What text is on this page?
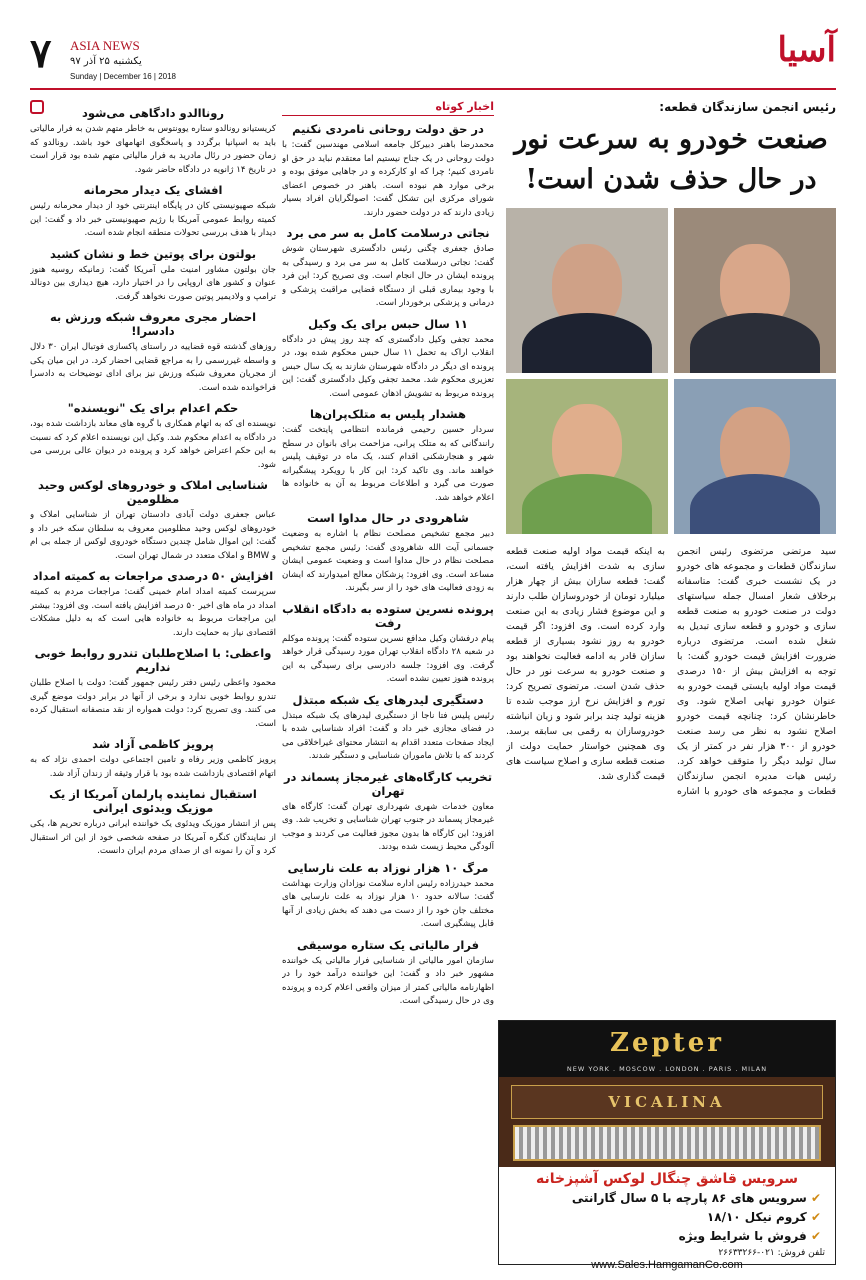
۷ ASIA NEWS
یکشنبه ۲۵ آذر ۹۷
Sunday | December 16 | 2018
آسیا
رئیس انجمن سازندگان قطعه:
صنعت خودرو به سرعت نور در حال حذف شدن است!
سید مرتضی مرتضوی رئیس انجمن سازندگان قطعات و مجموعه های خودرو در یک نشست خبری گفت: متاسفانه برخلاف شعار امسال جمله سیاستهای دولت در صنعت خودرو به صنعت قطعه سازی و خودرو و قطعه سازی تبدیل به شغل شده است. مرتضوی درباره ضرورت افزایش قیمت خودرو گفت: با توجه به افزایش بیش از ۱۵۰ درصدی قیمت مواد اولیه بایستی قیمت خودرو به عنوان خودرو نهایی اصلاح شود. وی خاطرنشان کرد: چنانچه قیمت خودرو اصلاح نشود به نظر می رسد صنعت خودرو از ۳۰۰ هزار نفر در کمتر از یک سال تولید دیگر را متوقف خواهد کرد. رئیس هیات مدیره انجمن سازندگان قطعات و مجموعه های خودرو با اشاره به اینکه قیمت مواد اولیه صنعت قطعه سازی به شدت افزایش یافته است، گفت: قطعه سازان بیش از چهار هزار میلیارد تومان از خودروسازان طلب دارند و این موضوع فشار زیادی به این صنعت وارد کرده است. وی افزود: اگر قیمت خودرو به روز نشود بسیاری از قطعه سازان قادر به ادامه فعالیت نخواهند بود و صنعت خودرو به سرعت نور در حال حذف شدن است. مرتضوی تصریح کرد: تورم و افزایش نرخ ارز موجب شده تا هزینه تولید چند برابر شود و زیان انباشته خودروسازان به رقمی بی سابقه برسد. وی همچنین خواستار حمایت دولت از صنعت قطعه سازی و اصلاح سیاست های قیمت گذاری شد.
Zepter
NEW YORK . MOSCOW . LONDON . PARIS . MILAN
VICALINA
سرویس قاشق چنگال لوکس آشپزخانه
✔ سرویس های ۸۶ پارچه با ۵ سال گارانتی
✔ کروم نیکل ۱۸/۱۰
✔ فروش با شرایط ویژه
تلفن فروش: ۰۲۱-۲۶۶۳۳۲۶۶
www.Sales.HamgamanCo.com
اخبار کوتاه
در حق دولت روحانی نامردی نکنیم

محمدرضا باهنر دبیرکل جامعه اسلامی مهندسین گفت: با دولت روحانی در یک جناح نیستیم اما معتقدم نباید در حق او نامردی کنیم؛ چرا که او کارکرده و در جاهایی موفق بوده و برخی موارد هم نبوده است. باهنر در خصوص اعضای شورای مرکزی این تشکل گفت: اصولگرایان افراد بسیار زیادی دارند که در دولت حضور دارند.

نجاتی درسلامت کامل به سر می برد

صادق جعفری چگنی رئیس دادگستری شهرستان شوش گفت: نجاتی درسلامت کامل به سر می برد و رسیدگی به پرونده ایشان در حال انجام است. وی تصریح کرد: این فرد با وجود بیماری قبلی از دستگاه قضایی مراقبت پزشکی و درمانی و پزشکی برخوردار است.

۱۱ سال حبس برای یک وکیل

محمد تجفی وکیل دادگستری که چند روز پیش در دادگاه انقلاب اراک به تحمل ۱۱ سال حبس محکوم شده بود، در پرونده ای دیگر در دادگاه شهرستان شازند به یک سال حبس تعزیری محکوم شد. محمد تجفی وکیل دادگستری گفت: این پرونده مربوط به تشویش اذهان عمومی است.

هشدار پلیس به متلک‌پران‌ها

سردار حسین رحیمی فرمانده انتظامی پایتخت گفت: رانندگانی که به متلک پرانی، مزاحمت برای بانوان در سطح شهر و هنجارشکنی اقدام کنند، یک ماه در توقیف پلیس خواهند ماند. وی تاکید کرد: این کار با رویکرد پیشگیرانه صورت می گیرد و اطلاعات مربوط به آن به خانواده ها اعلام خواهد شد.

شاهرودی در حال مداوا است

دبیر مجمع تشخیص مصلحت نظام با اشاره به وضعیت جسمانی آیت الله شاهرودی گفت: رئیس مجمع تشخیص مصلحت نظام در حال مداوا است و وضعیت عمومی ایشان مساعد است. وی افزود: پزشکان معالج امیدوارند که ایشان به زودی فعالیت های خود را از سر بگیرند.

پرونده نسرین ستوده به دادگاه انقلاب رفت

پیام درفشان وکیل مدافع نسرین ستوده گفت: پرونده موکلم در شعبه ۲۸ دادگاه انقلاب تهران مورد رسیدگی قرار خواهد گرفت. وی افزود: جلسه دادرسی برای رسیدگی به این پرونده هنوز تعیین نشده است.

دستگیری لیدرهای یک شبکه مبتذل

رئیس پلیس فتا ناجا از دستگیری لیدرهای یک شبکه مبتذل در فضای مجازی خبر داد و گفت: افراد شناسایی شده با ایجاد صفحات متعدد اقدام به انتشار محتوای غیراخلاقی می کردند که با تلاش ماموران شناسایی و دستگیر شدند.

تخریب کارگاه‌های غیرمجاز پسماند در تهران

معاون خدمات شهری شهرداری تهران گفت: کارگاه های غیرمجاز پسماند در جنوب تهران شناسایی و تخریب شد. وی افزود: این کارگاه ها بدون مجوز فعالیت می کردند و موجب آلودگی محیط زیست شده بودند.

مرگ ۱۰ هزار نوزاد به علت نارسایی

محمد حیدرزاده رئیس اداره سلامت نوزادان وزارت بهداشت گفت: سالانه حدود ۱۰ هزار نوزاد به علت نارسایی های مختلف جان خود را از دست می دهند که بخش زیادی از آنها قابل پیشگیری است.

فرار مالیاتی یک ستاره موسیقی

سازمان امور مالیاتی از شناسایی فرار مالیاتی یک خواننده مشهور خبر داد و گفت: این خواننده درآمد خود را در اظهارنامه مالیاتی کمتر از میزان واقعی اعلام کرده و پرونده وی در حال رسیدگی است.

روناالدو دادگاهی می‌شود

کریستیانو رونالدو ستاره یوونتوس به خاطر متهم شدن به فرار مالیاتی باید به اسپانیا برگردد و پاسخگوی اتهامهای خود باشد. رونالدو که زمان حضور در رئال مادرید به فرار مالیاتی متهم شده بود قرار است در تاریخ ۱۴ ژانویه در دادگاه حاضر شود.

افشای یک دیدار محرمانه

شبکه صهیونیستی کان در پایگاه اینترنتی خود از دیدار محرمانه رئیس کمیته روابط عمومی آمریکا با رژیم صهیونیستی خبر داد و گفت: این دیدار با هدف بررسی تحولات منطقه انجام شده است.

بولتون برای پوتین خط و نشان کشید

جان بولتون مشاور امنیت ملی آمریکا گفت: زمانیکه روسیه هنوز عنوان و کشور های اروپایی را در اختیار دارد، هیچ دیداری بین دونالد ترامپ و ولادیمیر پوتین صورت نخواهد گرفت.

احضار مجری معروف شبکه ورزش به دادسرا!

روزهای گذشته قوه قضاییه در راستای پاکسازی فوتبال ایران ۳۰ دلال و واسطه غیررسمی را به مراجع قضایی احضار کرد. در این میان یکی از مجریان معروف شبکه ورزش نیز برای ادای توضیحات به دادسرا فراخوانده شده است.

حکم اعدام برای یک "نویسنده"

نویسنده ای که به اتهام همکاری با گروه های معاند بازداشت شده بود، در دادگاه به اعدام محکوم شد. وکیل این نویسنده اعلام کرد که نسبت به این حکم اعتراض خواهد کرد و پرونده در دیوان عالی بررسی می شود.

شناسایی املاک و خودروهای لوکس وحید مظلومین

عباس جعفری دولت آبادی دادستان تهران از شناسایی املاک و خودروهای لوکس وحید مظلومین معروف به سلطان سکه خبر داد و گفت: این اموال شامل چندین دستگاه خودروی لوکس از جمله بی ام و BMW و املاک متعدد در شمال تهران است.

افزایش ۵۰ درصدی مراجعات به کمیته امداد

سرپرست کمیته امداد امام خمینی گفت: مراجعات مردم به کمیته امداد در ماه های اخیر ۵۰ درصد افزایش یافته است. وی افزود: بیشتر این مراجعات مربوط به خانواده هایی است که به دلیل مشکلات اقتصادی نیاز به حمایت دارند.

واعظی: با اصلاح‌طلبان تندرو روابط خوبی نداریم

محمود واعظی رئیس دفتر رئیس جمهور گفت: دولت با اصلاح طلبان تندرو روابط خوبی ندارد و برخی از آنها در برابر دولت موضع گیری می کنند. وی تصریح کرد: دولت همواره از نقد منصفانه استقبال کرده است.

پرویز کاظمی آزاد شد

پرویز کاظمی وزیر رفاه و تامین اجتماعی دولت احمدی نژاد که به اتهام اقتصادی بازداشت شده بود با قرار وثیقه از زندان آزاد شد.

استقبال نماینده پارلمان آمریکا از یک موزیک ویدئوی ایرانی

پس از انتشار موزیک ویدئوی یک خواننده ایرانی درباره تحریم ها، یکی از نمایندگان کنگره آمریکا در صفحه شخصی خود از این اثر استقبال کرد و آن را نمونه ای از صدای مردم ایران دانست.
